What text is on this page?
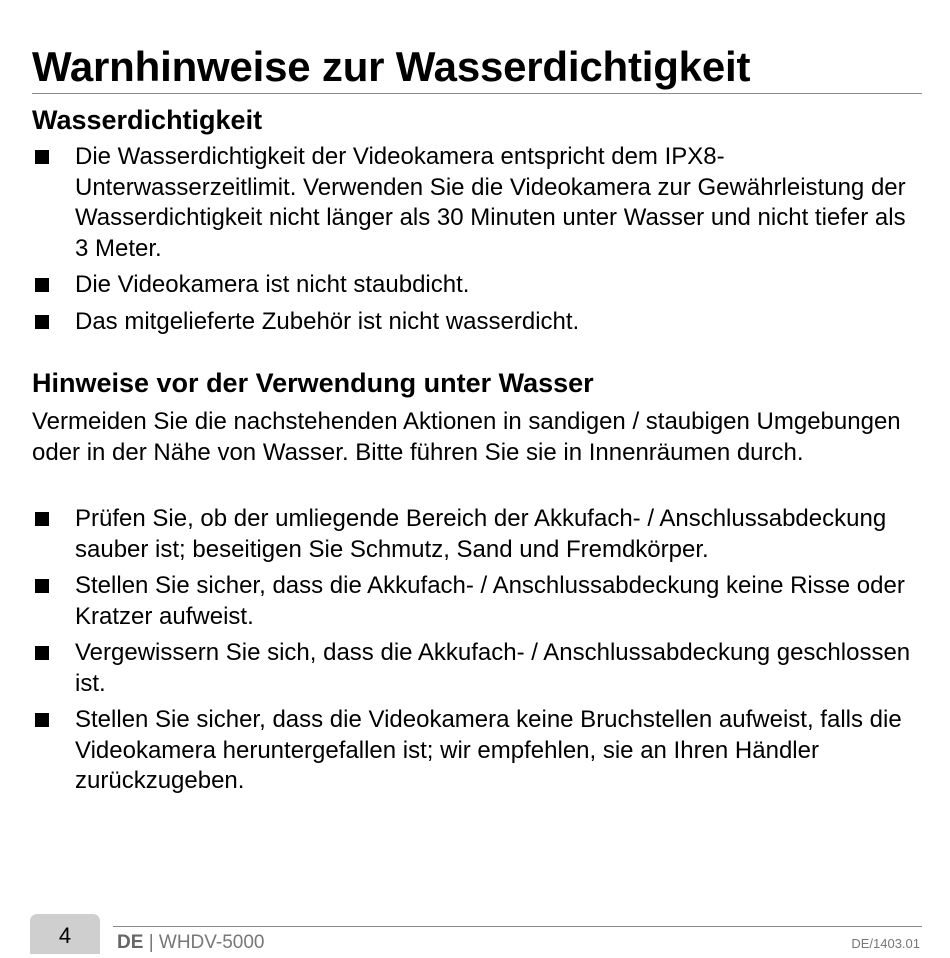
Warnhinweise zur Wasserdichtigkeit
Wasserdichtigkeit
Die Wasserdichtigkeit der Videokamera entspricht dem IPX8-Unterwasserzeitlimit. Verwenden Sie die Videokamera zur Gewährleistung der Wasserdichtigkeit nicht länger als 30 Minuten unter Wasser und nicht tiefer als 3 Meter.
Die Videokamera ist nicht staubdicht.
Das mitgelieferte Zubehör ist nicht wasserdicht.
Hinweise vor der Verwendung unter Wasser

Vermeiden Sie die nachstehenden Aktionen in sandigen / staubigen Umgebungen oder in der Nähe von Wasser. Bitte führen Sie sie in Innenräumen durch.

Prüfen Sie, ob der umliegende Bereich der Akkufach- / Anschlussabdeckung sauber ist; beseitigen Sie Schmutz, Sand und Fremdkörper.
Stellen Sie sicher, dass die Akkufach- / Anschlussabdeckung keine Risse oder Kratzer aufweist.
Vergewissern Sie sich, dass die Akkufach- / Anschlussabdeckung geschlossen ist.
Stellen Sie sicher, dass die Videokamera keine Bruchstellen aufweist, falls die Videokamera heruntergefallen ist; wir empfehlen, sie an Ihren Händler zurückzugeben.
4	DE | WHDV-5000	DE/1403.01
